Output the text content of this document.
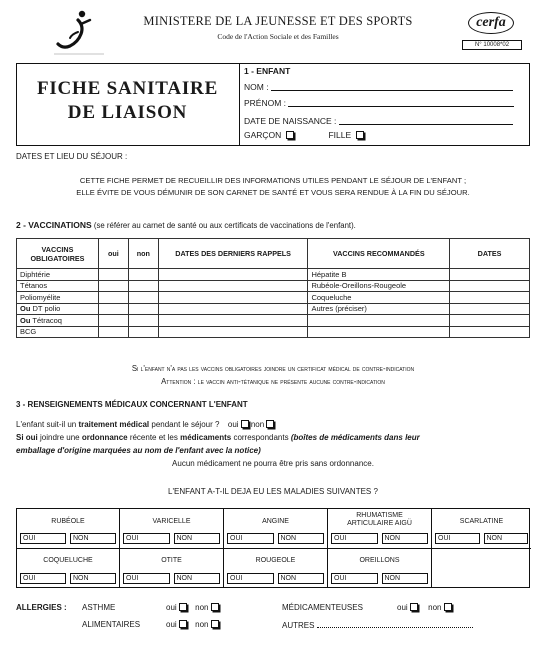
MINISTERE DE LA JEUNESSE ET DES SPORTS
Code de l'Action Sociale et des Familles
cerfa
N° 10008*02
FICHE SANITAIRE
DE LIAISON
1 - ENFANT
NOM :
PRÉNOM :
DATE DE NAISSANCE :
GARÇON	FILLE
DATES ET LIEU DU SÉJOUR :
CETTE FICHE PERMET DE RECUEILLIR DES INFORMATIONS UTILES PENDANT LE SÉJOUR DE L'ENFANT ;
ELLE ÉVITE DE VOUS DÉMUNIR DE SON CARNET DE SANTÉ ET VOUS SERA RENDUE À LA FIN DU SÉJOUR.
2 - VACCINATIONS (se référer au carnet de santé ou aux certificats de vaccinations de l'enfant).
VACCINS OBLIGATOIRES	oui	non	DATES DES DERNIERS RAPPELS	VACCINS RECOMMANDÉS	DATES
Diphtérie				Hépatite B	
Tétanos				Rubéole-Oreillons-Rougeole	
Poliomyélite				Coqueluche	
Ou DT polio				Autres (préciser)	
Ou Tétracoq					
BCG					
Si l'enfant n'a pas les vaccins obligatoires joindre un certificat médical de contre-indication
Attention : le vaccin anti-tétanique ne présente aucune contre-indication
3 - RENSEIGNEMENTS MÉDICAUX CONCERNANT L'ENFANT
L'enfant suit-il un traitement médical pendant le séjour ? oui non
Si oui joindre une ordonnance récente et les médicaments correspondants (boîtes de médicaments dans leur
emballage d'origine marquées au nom de l'enfant avec la notice)
Aucun médicament ne pourra être pris sans ordonnance.
L'ENFANT A-T-IL DEJA EU LES MALADIES SUIVANTES ?
RUBÉOLE
OUI	NON
VARICELLE
OUI	NON
ANGINE
OUI	NON
RHUMATISME ARTICULAIRE AIGÜ
OUI	NON
SCARLATINE
OUI	NON
COQUELUCHE
OUI	NON
OTITE
OUI	NON
ROUGEOLE
OUI	NON
OREILLONS
OUI	NON
ALLERGIES : ASTHME	oui non	MÉDICAMENTEUSES	oui	non
ALIMENTAIRES	oui non	AUTRES
